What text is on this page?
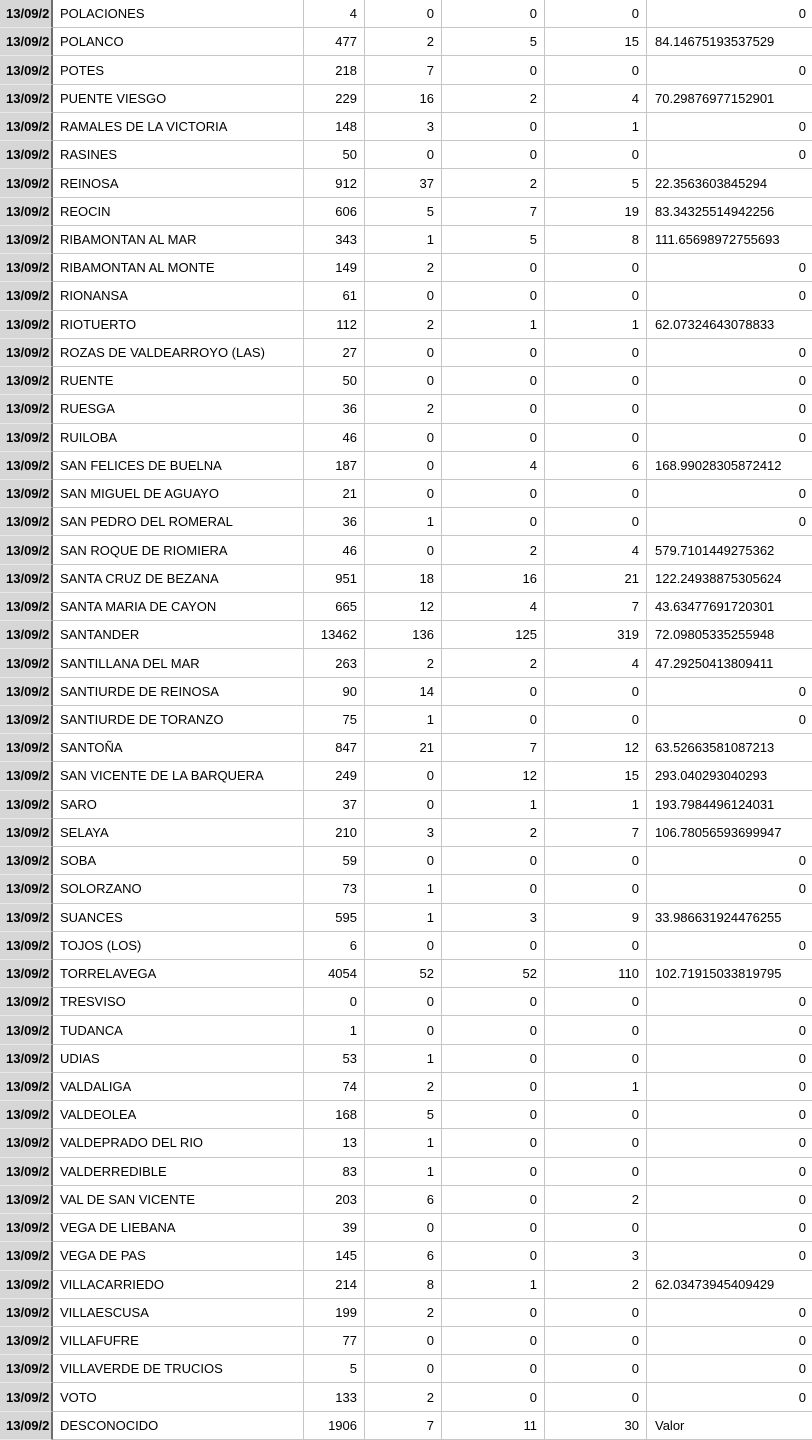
13/09/2 POLACIONES	4	0	0	0	0
13/09/2 POLANCO	477	2	5	15	84.14675193537529
13/09/2 POTES	218	7	0	0	0
13/09/2 PUENTE VIESGO	229	16	2	4	70.29876977152901
13/09/2 RAMALES DE LA VICTORIA	148	3	0	1	0
13/09/2 RASINES	50	0	0	0	0
13/09/2 REINOSA	912	37	2	5	22.3563603845294
13/09/2 REOCIN	606	5	7	19	83.34325514942256
13/09/2 RIBAMONTAN AL MAR	343	1	5	8	111.65698972755693
13/09/2 RIBAMONTAN AL MONTE	149	2	0	0	0
13/09/2 RIONANSA	61	0	0	0	0
13/09/2 RIOTUERTO	112	2	1	1	62.07324643078833
13/09/2 ROZAS DE VALDEARROYO (LAS)	27	0	0	0	0
13/09/2 RUENTE	50	0	0	0	0
13/09/2 RUESGA	36	2	0	0	0
13/09/2 RUILOBA	46	0	0	0	0
13/09/2 SAN FELICES DE BUELNA	187	0	4	6	168.99028305872412
13/09/2 SAN MIGUEL DE AGUAYO	21	0	0	0	0
13/09/2 SAN PEDRO DEL ROMERAL	36	1	0	0	0
13/09/2 SAN ROQUE DE RIOMIERA	46	0	2	4	579.7101449275362
13/09/2 SANTA CRUZ DE BEZANA	951	18	16	21	122.24938875305624
13/09/2 SANTA MARIA DE CAYON	665	12	4	7	43.63477691720301
13/09/2 SANTANDER	13462	136	125	319	72.09805335255948
13/09/2 SANTILLANA DEL MAR	263	2	2	4	47.29250413809411
13/09/2 SANTIURDE DE REINOSA	90	14	0	0	0
13/09/2 SANTIURDE DE TORANZO	75	1	0	0	0
13/09/2 SANTOÑA	847	21	7	12	63.52663581087213
13/09/2 SAN VICENTE DE LA BARQUERA	249	0	12	15	293.040293040293
13/09/2 SARO	37	0	1	1	193.7984496124031
13/09/2 SELAYA	210	3	2	7	106.78056593699947
13/09/2 SOBA	59	0	0	0	0
13/09/2 SOLORZANO	73	1	0	0	0
13/09/2 SUANCES	595	1	3	9	33.986631924476255
13/09/2 TOJOS (LOS)	6	0	0	0	0
13/09/2 TORRELAVEGA	4054	52	52	110	102.71915033819795
13/09/2 TRESVISO	0	0	0	0	0
13/09/2 TUDANCA	1	0	0	0	0
13/09/2 UDIAS	53	1	0	0	0
13/09/2 VALDALIGA	74	2	0	1	0
13/09/2 VALDEOLEA	168	5	0	0	0
13/09/2 VALDEPRADO DEL RIO	13	1	0	0	0
13/09/2 VALDERREDIBLE	83	1	0	0	0
13/09/2 VAL DE SAN VICENTE	203	6	0	2	0
13/09/2 VEGA DE LIEBANA	39	0	0	0	0
13/09/2 VEGA DE PAS	145	6	0	3	0
13/09/2 VILLACARRIEDO	214	8	1	2	62.03473945409429
13/09/2 VILLAESCUSA	199	2	0	0	0
13/09/2 VILLAFUFRE	77	0	0	0	0
13/09/2 VILLAVERDE DE TRUCIOS	5	0	0	0	0
13/09/2 VOTO	133	2	0	0	0
13/09/2 DESCONOCIDO	1906	7	11	30	Valor
